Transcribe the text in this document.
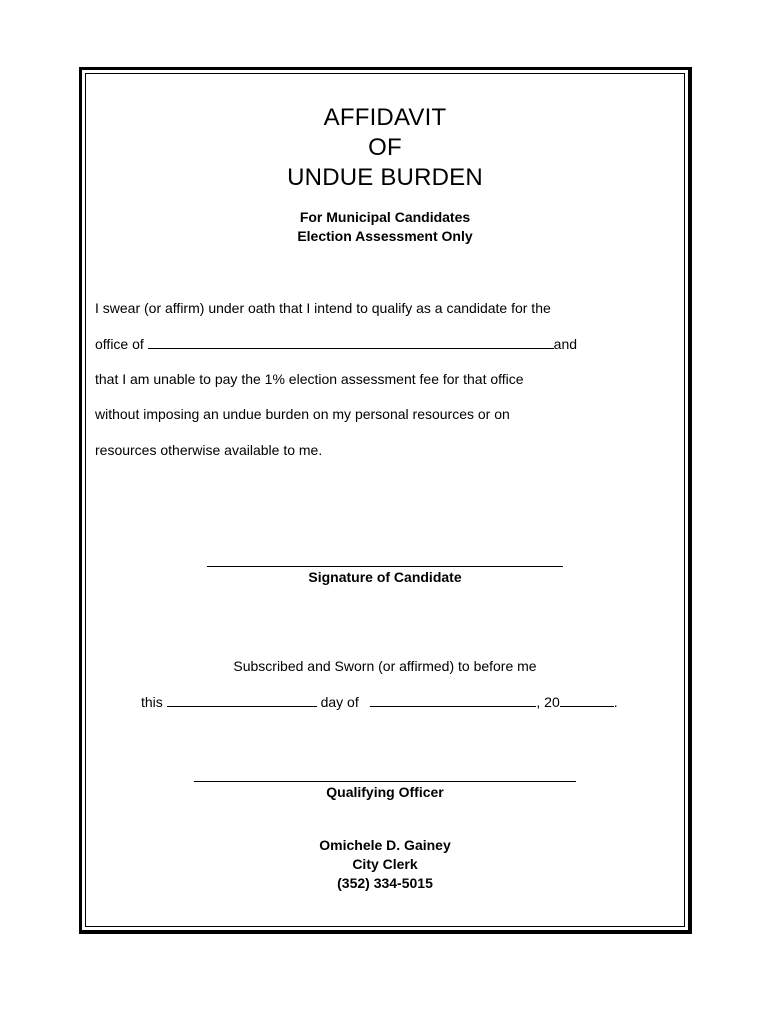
AFFIDAVIT
OF
UNDUE BURDEN
For Municipal Candidates
Election Assessment Only
I swear (or affirm) under oath that I intend to qualify as a candidate for the
office of	and
that I am unable to pay the 1% election assessment fee for that office
without imposing an undue burden on my personal resources or on
resources otherwise available to me.
Signature of Candidate
Subscribed and Sworn (or affirmed) to before me
this	day of	, 20	.
Qualifying Officer
Omichele D. Gainey
City Clerk
(352) 334-5015
